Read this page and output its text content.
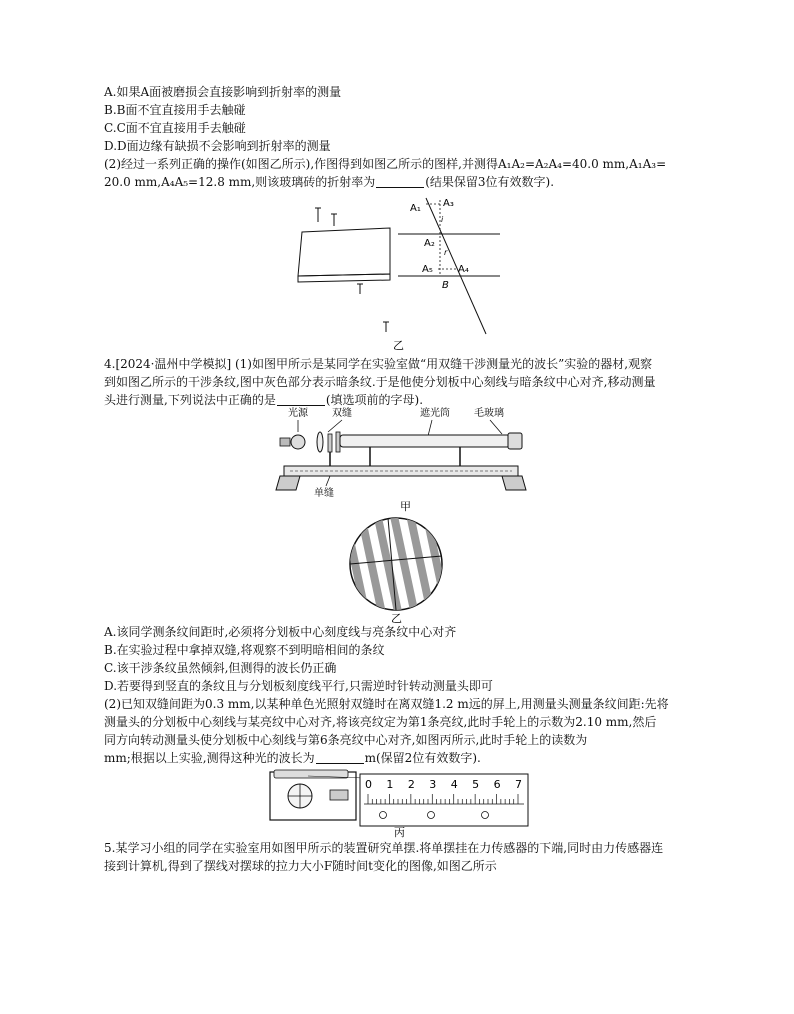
A.如果A面被磨损会直接影响到折射率的测量
B.B面不宜直接用手去触碰
C.C面不宜直接用手去触碰
D.D面边缘有缺损不会影响到折射率的测量
(2)经过一系列正确的操作(如图乙所示),作图得到如图乙所示的图样,并测得A₁A₂=A₂A₄=40.0 mm,A₁A₃=
20.0 mm,A₄A₅=12.8 mm,则该玻璃砖的折射率为	(结果保留3位有效数字).
A₁ A₃
i
A₂
r
A₅	A₄
B
乙
4.[2024·温州中学模拟] (1)如图甲所示是某同学在实验室做“用双缝干涉测量光的波长”实验的器材,观察
到如图乙所示的干涉条纹,图中灰色部分表示暗条纹.于是他使分划板中心刻线与暗条纹中心对齐,移动测量
头进行测量,下列说法中正确的是	(填选项前的字母).
光源 双缝	遮光筒 毛玻璃
单缝
甲
乙
A.该同学测条纹间距时,必须将分划板中心刻度线与亮条纹中心对齐
B.在实验过程中拿掉双缝,将观察不到明暗相间的条纹
C.该干涉条纹虽然倾斜,但测得的波长仍正确
D.若要得到竖直的条纹且与分划板刻度线平行,只需逆时针转动测量头即可
(2)已知双缝间距为0.3 mm,以某种单色光照射双缝时在离双缝1.2 m远的屏上,用测量头测量条纹间距:先将
测量头的分划板中心刻线与某亮纹中心对齐,将该亮纹定为第1条亮纹,此时手轮上的示数为2.10 mm,然后
同方向转动测量头使分划板中心刻线与第6条亮纹中心对齐,如图丙所示,此时手轮上的读数为
mm;根据以上实验,测得这种光的波长为	m(保留2位有效数字).
0 1 2 3 4 5 6 7
丙
5.某学习小组的同学在实验室用如图甲所示的装置研究单摆.将单摆挂在力传感器的下端,同时由力传感器连
接到计算机,得到了摆线对摆球的拉力大小F随时间t变化的图像,如图乙所示
